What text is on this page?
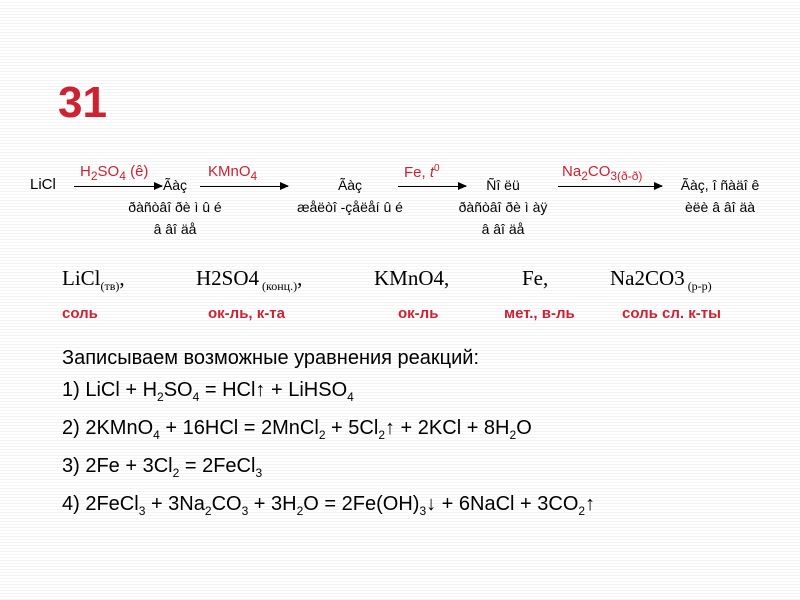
31
LiCl
$H_2SO_4$ (ê)
Ãàç
ðàñòâî ðè ì û é
â âî äå
KMnO$_4$
Ãàç
æåëòî -çåëåí û é
Fe, $t^0$
Ñî ëü
ðàñòâî ðè ì àÿ
â âî äå
$Na_2CO_{3(ð-ð)}$
Ãàç, î ñàäî ê
èëè â âî äà
LiCl$_{(тв)}$,	H2SO4 $_{(конц.)}$,	KMnO4,	Fe,	Na2CO3 $_{(р-р)}$
соль	ок-ль, к-та	ок-ль	мет., в-ль	соль сл. к-ты
Записываем возможные уравнения реакций:
1) LiCl + $H_2SO_4$ = HCl↑ + LiHSO$_4$
2) 2KMnO$_4$ + 16HCl = 2MnCl$_2$ + $5Cl_2↑ + 2KCl + 8H_2O$
3) $2Fe + 3Cl_2$ = 2FeCl$_3$
4) 2FeCl$_3$ + $3Na_2CO_3 + 3H_2O$ = $2Fe(OH)_3↓$ + 6NaCl + $3CO_2↑$
